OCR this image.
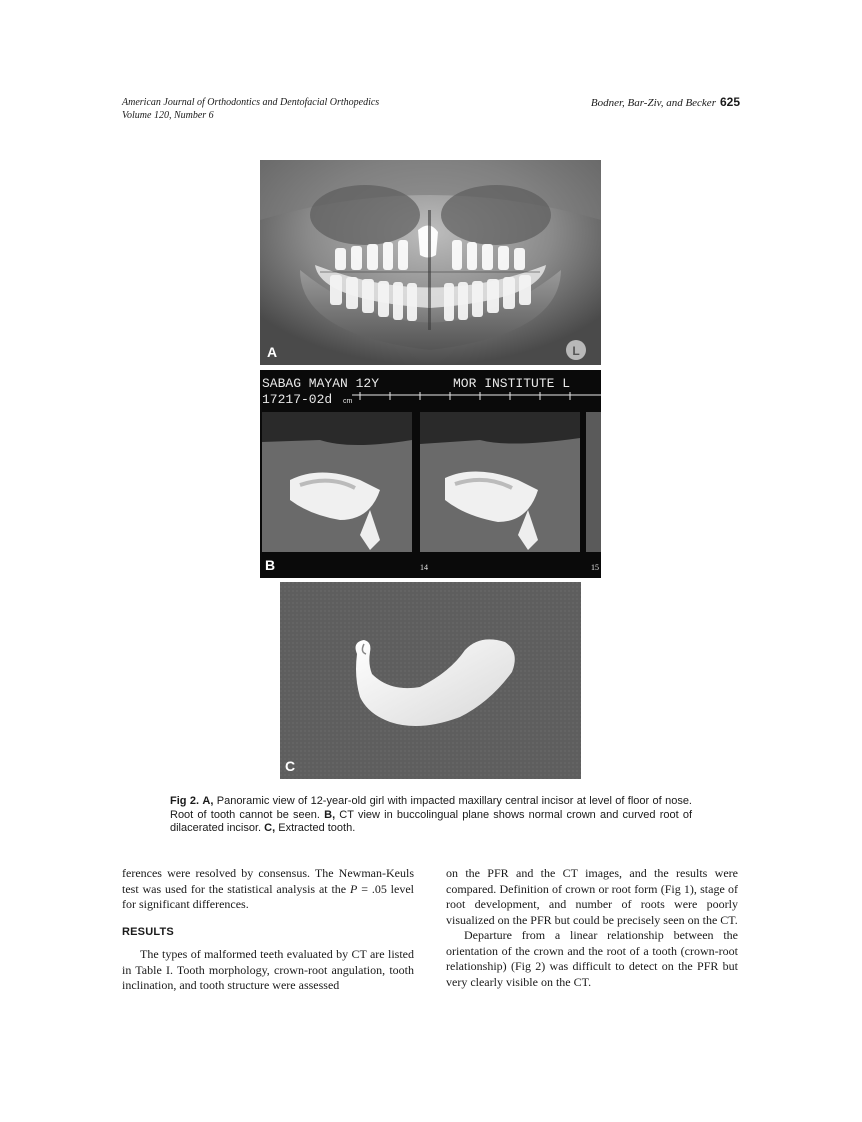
American Journal of Orthodontics and Dentofacial Orthopedics
Volume 120, Number 6
Bodner, Bar-Ziv, and Becker 625
L
A
SABAG MAYAN 12Y	MOR INSTITUTE L
17217-02d cm
14	15
B
C
Fig 2. A, Panoramic view of 12-year-old girl with impacted maxillary central incisor at level of floor of nose. Root of tooth cannot be seen. B, CT view in buccolingual plane shows normal crown and curved root of dilacerated incisor. C, Extracted tooth.

ferences were resolved by consensus. The Newman-Keuls test was used for the statistical analysis at the P = .05 level for significant differences.

RESULTS

The types of malformed teeth evaluated by CT are listed in Table I. Tooth morphology, crown-root angulation, tooth inclination, and tooth structure were assessed

on the PFR and the CT images, and the results were compared. Definition of crown or root form (Fig 1), stage of root development, and number of roots were poorly visualized on the PFR but could be precisely seen on the CT.

Departure from a linear relationship between the orientation of the crown and the root of a tooth (crown-root relationship) (Fig 2) was difficult to detect on the PFR but very clearly visible on the CT.
